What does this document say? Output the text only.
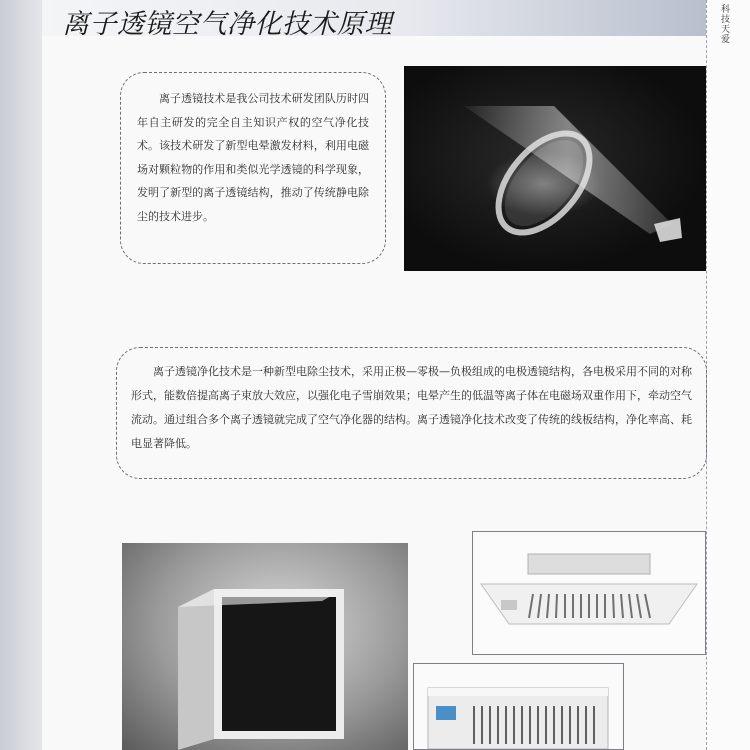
离子透镜空气净化技术原理	科技天爱

离子透镜技术是我公司技术研发团队历时四年自主研发的完全自主知识产权的空气净化技术。该技术研发了新型电晕激发材料，利用电磁场对颗粒物的作用和类似光学透镜的科学现象，发明了新型的离子透镜结构，推动了传统静电除尘的技术进步。

离子透镜净化技术是一种新型电除尘技术，采用正极—零极—负极组成的电极透镜结构，各电极采用不同的对称形式，能数倍提高离子束放大效应，以强化电子雪崩效果；电晕产生的低温等离子体在电磁场双重作用下，牵动空气流动。通过组合多个离子透镜就完成了空气净化器的结构。离子透镜净化技术改变了传统的线板结构，净化率高、耗电显著降低。
